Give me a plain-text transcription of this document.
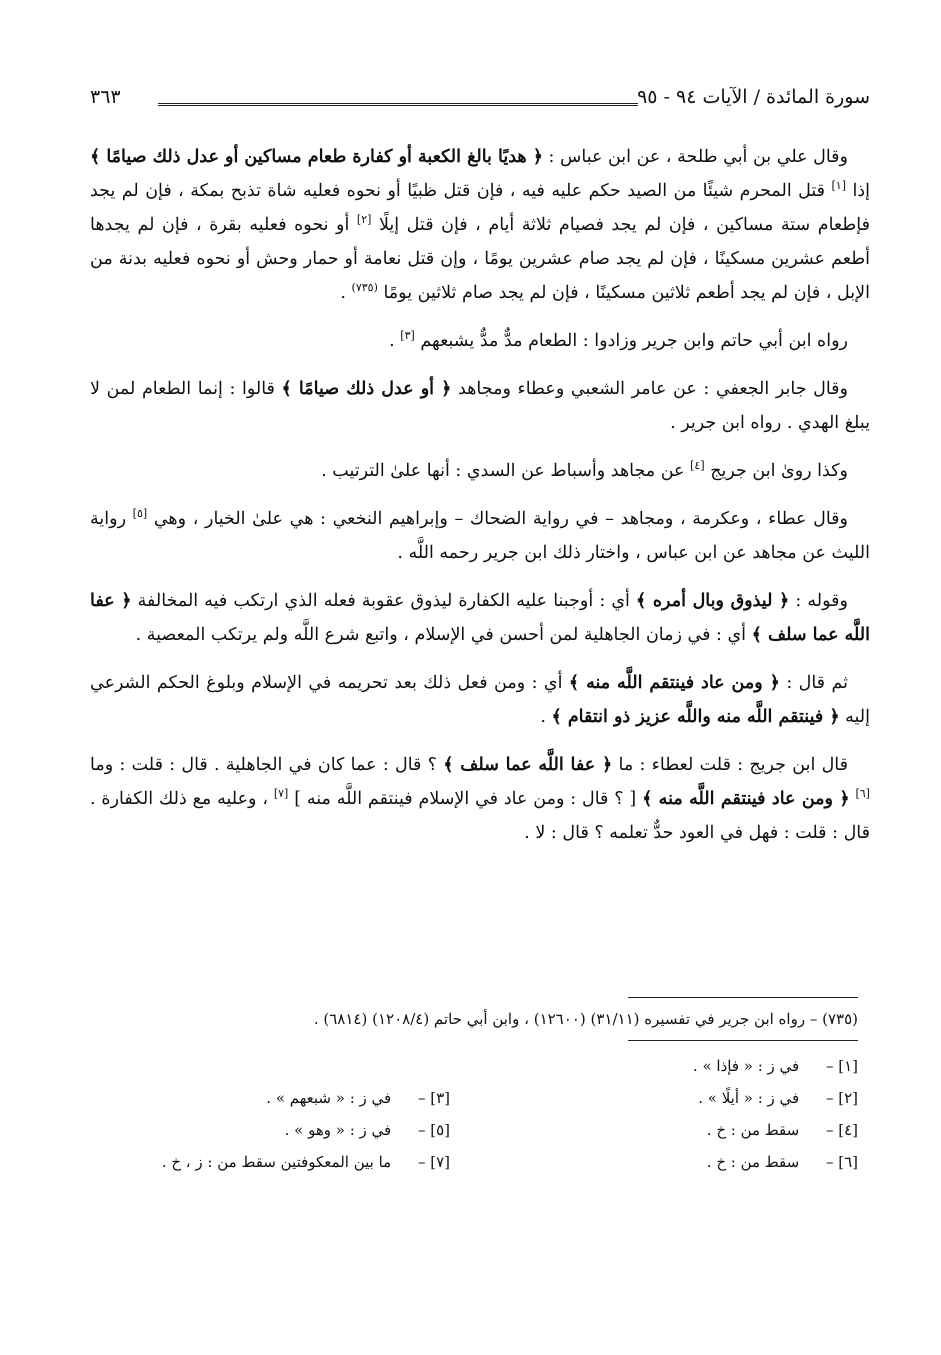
سورة المائدة / الآيات ٩٤ - ٩٥
٣٦٣

وقال علي بن أبي طلحة ، عن ابن عباس : ﴿ هديًا بالغ الكعبة أو كفارة طعام مساكين أو عدل ذلك صيامًا ﴾ إذا [١] قتل المحرم شيئًا من الصيد حكم عليه فيه ، فإن قتل ظبيًا أو نحوه فعليه شاة تذبح بمكة ، فإن لم يجد فإطعام ستة مساكين ، فإن لم يجد فصيام ثلاثة أيام ، فإن قتل إيلًا [٢] أو نحوه فعليه بقرة ، فإن لم يجدها أطعم عشرين مسكينًا ، فإن لم يجد صام عشرين يومًا ، وإن قتل نعامة أو حمار وحش أو نحوه فعليه بدنة من الإبل ، فإن لم يجد أطعم ثلاثين مسكينًا ، فإن لم يجد صام ثلاثين يومًا $^{(٧٣٥)}$ .

رواه ابن أبي حاتم وابن جرير وزادوا : الطعام مدٌّ مدٌّ يشبعهم [٣] .

وقال جابر الجعفي : عن عامر الشعبي وعطاء ومجاهد ﴿ أو عدل ذلك صيامًا ﴾ قالوا : إنما الطعام لمن لا يبلغ الهدي . رواه ابن جرير .

وكذا روىٰ ابن جريج [٤] عن مجاهد وأسباط عن السدي : أنها علىٰ الترتيب .

وقال عطاء ، وعكرمة ، ومجاهد – في رواية الضحاك – وإبراهيم النخعي : هي علىٰ الخيار ، وهي [٥] رواية الليث عن مجاهد عن ابن عباس ، واختار ذلك ابن جرير رحمه اللَّه .

وقوله : ﴿ ليذوق وبال أمره ﴾ أي : أوجبنا عليه الكفارة ليذوق عقوبة فعله الذي ارتكب فيه المخالفة ﴿ عفا اللَّه عما سلف ﴾ أي : في زمان الجاهلية لمن أحسن في الإسلام ، واتبع شرع اللَّه ولم يرتكب المعصية .

ثم قال : ﴿ ومن عاد فينتقم اللَّه منه ﴾ أي : ومن فعل ذلك بعد تحريمه في الإسلام وبلوغ الحكم الشرعي إليه ﴿ فينتقم اللَّه منه واللَّه عزيز ذو انتقام ﴾ .

قال ابن جريج : قلت لعطاء : ما ﴿ عفا اللَّه عما سلف ﴾ ؟ قال : عما كان في الجاهلية . قال : قلت : وما [٦] ﴿ ومن عاد فينتقم اللَّه منه ﴾ [ ؟ قال : ومن عاد في الإسلام فينتقم اللَّه منه ] [٧] ، وعليه مع ذلك الكفارة . قال : قلت : فهل في العود حدٌّ تعلمه ؟ قال : لا .

(٧٣٥) – رواه ابن جرير في تفسيره (٣١/١١) (١٢٦٠٠) ، وابن أبي حاتم (١٢٠٨/٤) (٦٨١٤) .
[١] – في ز : « فإذا » .
[٢] – في ز : « أيلًا » .
[٣] – في ز : « شبعهم » .
[٤] – سقط من : خ .
[٥] – في ز : « وهو » .
[٦] – سقط من : خ .
[٧] – ما بين المعكوفتين سقط من : ز ، خ .
